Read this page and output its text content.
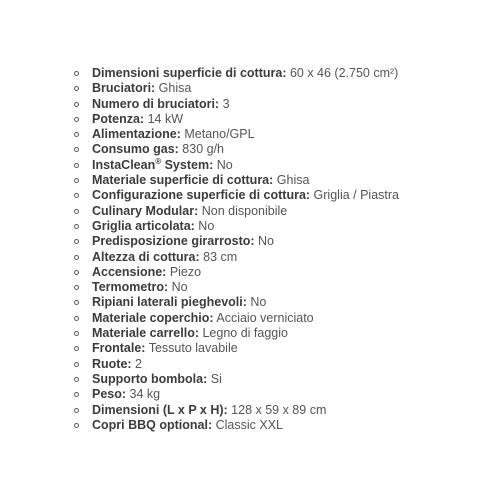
Dimensioni superficie di cottura: 60 x 46 (2.750 cm²)
Bruciatori: Ghisa
Numero di bruciatori: 3
Potenza: 14 kW
Alimentazione: Metano/GPL
Consumo gas: 830 g/h
InstaClean® System: No
Materiale superficie di cottura: Ghisa
Configurazione superficie di cottura: Griglia / Piastra
Culinary Modular: Non disponibile
Griglia articolata: No
Predisposizione girarrosto: No
Altezza di cottura: 83 cm
Accensione: Piezo
Termometro: No
Ripiani laterali pieghevoli: No
Materiale coperchio: Acciaio verniciato
Materiale carrello: Legno di faggio
Frontale: Tessuto lavabile
Ruote: 2
Supporto bombola: Si
Peso: 34 kg
Dimensioni (L x P x H): 128 x 59 x 89 cm
Copri BBQ optional: Classic XXL
